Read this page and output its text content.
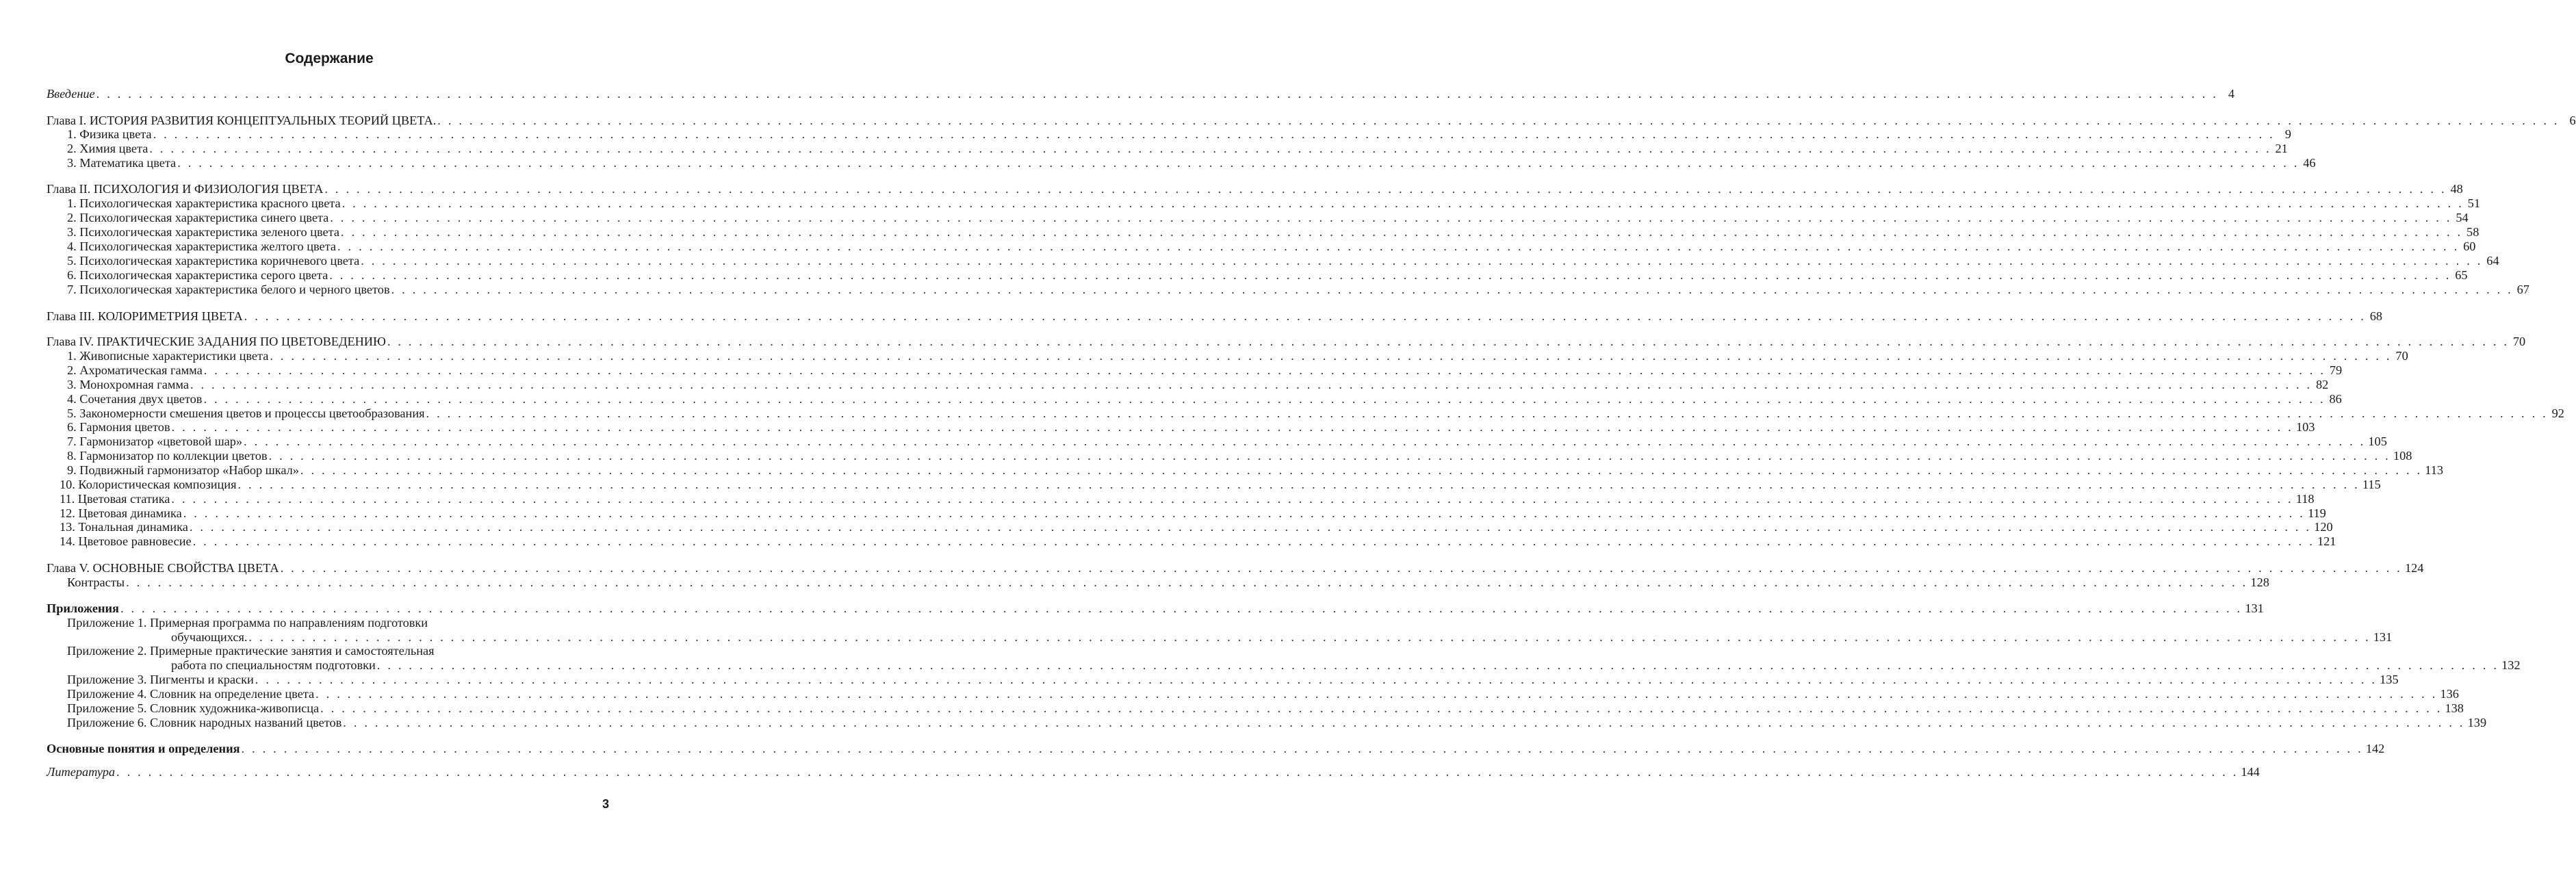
Содержание
Введение . . . . . . . . . . . . . . . . . . . . . . . . . . . . . . . . . . . . . . . . . . . . . . . . . . . . . . . . . . . . . . . . . . . . . . . . . . . . . . . . . . . . . . . . . . . . . . . . . . . . . . . . . . . . . . . . . . . . . . . . . . . . . . . . . . . . . . . . . . . . . . . . . . . . . . . . . . . . . . . . . . . . . . . . . . . . . . . . . . . . . . . . . . . . . . . . . . . . . . . . 4
Глава I. ИСТОРИЯ РАЗВИТИЯ КОНЦЕПТУАЛЬНЫХ ТЕОРИЙ ЦВЕТА. . . . . . . . . . . . . . . . . . . . . . . . . . . . . . . . . . . . . . . . . . . . . . . . . . . . . . . . . . . . . . . . . . . . . . . . . . . . . . . . . . . . . . . . . . . . . . . . . . . . . . . . . . . . . . . . . . . . . . . . . . . . . . . . . . . . . . . . . . . . . . . . . . . . . . . . . . . . . . . . . . . . . . . . . . . . . . . . . . . . . . . . . . . . . . . . . . . . . . . . . 6
1. Физика цвета . . . . . . . . . . . . . . . . . . . . . . . . . . . . . . . . . . . . . . . . . . . . . . . . . . . . . . . . . . . . . . . . . . . . . . . . . . . . . . . . . . . . . . . . . . . . . . . . . . . . . . . . . . . . . . . . . . . . . . . . . . . . . . . . . . . . . . . . . . . . . . . . . . . . . . . . . . . . . . . . . . . . . . . . . . . . . . . . . . . . . . . . . . . . . . . . . . . . . . . . 9
2. Химия цвета . . . . . . . . . . . . . . . . . . . . . . . . . . . . . . . . . . . . . . . . . . . . . . . . . . . . . . . . . . . . . . . . . . . . . . . . . . . . . . . . . . . . . . . . . . . . . . . . . . . . . . . . . . . . . . . . . . . . . . . . . . . . . . . . . . . . . . . . . . . . . . . . . . . . . . . . . . . . . . . . . . . . . . . . . . . . . . . . . . . . . . . . . . . . . . . . . . . . . . . . 21
3. Математика цвета . . . . . . . . . . . . . . . . . . . . . . . . . . . . . . . . . . . . . . . . . . . . . . . . . . . . . . . . . . . . . . . . . . . . . . . . . . . . . . . . . . . . . . . . . . . . . . . . . . . . . . . . . . . . . . . . . . . . . . . . . . . . . . . . . . . . . . . . . . . . . . . . . . . . . . . . . . . . . . . . . . . . . . . . . . . . . . . . . . . . . . . . . . . . . . . . . . . . . . . . 46
Глава II. ПСИХОЛОГИЯ И ФИЗИОЛОГИЯ ЦВЕТА . . . . . . . . . . . . . . . . . . . . . . . . . . . . . . . . . . . . . . . . . . . . . . . . . . . . . . . . . . . . . . . . . . . . . . . . . . . . . . . . . . . . . . . . . . . . . . . . . . . . . . . . . . . . . . . . . . . . . . . . . . . . . . . . . . . . . . . . . . . . . . . . . . . . . . . . . . . . . . . . . . . . . . . . . . . . . . . . . . . . . . . . . . . . . . . . . . . . . . . . 48
1. Психологическая характеристика красного цвета . . . . . . . . . . . . . . . . . . . . . . . . . . . . . . . . . . . . . . . . . . . . . . . . . . . . . . . . . . . . . . . . . . . . . . . . . . . . . . . . . . . . . . . . . . . . . . . . . . . . . . . . . . . . . . . . . . . . . . . . . . . . . . . . . . . . . . . . . . . . . . . . . . . . . . . . . . . . . . . . . . . . . . . . . . . . . . . . . . . . . . . . . . . . . . . . . . . . . . . . 51
2. Психологическая характеристика синего цвета . . . . . . . . . . . . . . . . . . . . . . . . . . . . . . . . . . . . . . . . . . . . . . . . . . . . . . . . . . . . . . . . . . . . . . . . . . . . . . . . . . . . . . . . . . . . . . . . . . . . . . . . . . . . . . . . . . . . . . . . . . . . . . . . . . . . . . . . . . . . . . . . . . . . . . . . . . . . . . . . . . . . . . . . . . . . . . . . . . . . . . . . . . . . . . . . . . . . . . . . 54
3. Психологическая характеристика зеленого цвета . . . . . . . . . . . . . . . . . . . . . . . . . . . . . . . . . . . . . . . . . . . . . . . . . . . . . . . . . . . . . . . . . . . . . . . . . . . . . . . . . . . . . . . . . . . . . . . . . . . . . . . . . . . . . . . . . . . . . . . . . . . . . . . . . . . . . . . . . . . . . . . . . . . . . . . . . . . . . . . . . . . . . . . . . . . . . . . . . . . . . . . . . . . . . . . . . . . . . . . . 58
4. Психологическая характеристика желтого цвета . . . . . . . . . . . . . . . . . . . . . . . . . . . . . . . . . . . . . . . . . . . . . . . . . . . . . . . . . . . . . . . . . . . . . . . . . . . . . . . . . . . . . . . . . . . . . . . . . . . . . . . . . . . . . . . . . . . . . . . . . . . . . . . . . . . . . . . . . . . . . . . . . . . . . . . . . . . . . . . . . . . . . . . . . . . . . . . . . . . . . . . . . . . . . . . . . . . . . . . . 60
5. Психологическая характеристика коричневого цвета . . . . . . . . . . . . . . . . . . . . . . . . . . . . . . . . . . . . . . . . . . . . . . . . . . . . . . . . . . . . . . . . . . . . . . . . . . . . . . . . . . . . . . . . . . . . . . . . . . . . . . . . . . . . . . . . . . . . . . . . . . . . . . . . . . . . . . . . . . . . . . . . . . . . . . . . . . . . . . . . . . . . . . . . . . . . . . . . . . . . . . . . . . . . . . . . . . . . . . . . 64
6. Психологическая характеристика серого цвета . . . . . . . . . . . . . . . . . . . . . . . . . . . . . . . . . . . . . . . . . . . . . . . . . . . . . . . . . . . . . . . . . . . . . . . . . . . . . . . . . . . . . . . . . . . . . . . . . . . . . . . . . . . . . . . . . . . . . . . . . . . . . . . . . . . . . . . . . . . . . . . . . . . . . . . . . . . . . . . . . . . . . . . . . . . . . . . . . . . . . . . . . . . . . . . . . . . . . . . . 65
7. Психологическая характеристика белого и черного цветов . . . . . . . . . . . . . . . . . . . . . . . . . . . . . . . . . . . . . . . . . . . . . . . . . . . . . . . . . . . . . . . . . . . . . . . . . . . . . . . . . . . . . . . . . . . . . . . . . . . . . . . . . . . . . . . . . . . . . . . . . . . . . . . . . . . . . . . . . . . . . . . . . . . . . . . . . . . . . . . . . . . . . . . . . . . . . . . . . . . . . . . . . . . . . . . . . . . . . . . . 67
Глава III. КОЛОРИМЕТРИЯ ЦВЕТА . . . . . . . . . . . . . . . . . . . . . . . . . . . . . . . . . . . . . . . . . . . . . . . . . . . . . . . . . . . . . . . . . . . . . . . . . . . . . . . . . . . . . . . . . . . . . . . . . . . . . . . . . . . . . . . . . . . . . . . . . . . . . . . . . . . . . . . . . . . . . . . . . . . . . . . . . . . . . . . . . . . . . . . . . . . . . . . . . . . . . . . . . . . . . . . . . . . . . . . . 68
Глава IV. ПРАКТИЧЕСКИЕ ЗАДАНИЯ ПО ЦВЕТОВЕДЕНИЮ . . . . . . . . . . . . . . . . . . . . . . . . . . . . . . . . . . . . . . . . . . . . . . . . . . . . . . . . . . . . . . . . . . . . . . . . . . . . . . . . . . . . . . . . . . . . . . . . . . . . . . . . . . . . . . . . . . . . . . . . . . . . . . . . . . . . . . . . . . . . . . . . . . . . . . . . . . . . . . . . . . . . . . . . . . . . . . . . . . . . . . . . . . . . . . . . . . . . . . . . 70
1. Живописные характеристики цвета . . . . . . . . . . . . . . . . . . . . . . . . . . . . . . . . . . . . . . . . . . . . . . . . . . . . . . . . . . . . . . . . . . . . . . . . . . . . . . . . . . . . . . . . . . . . . . . . . . . . . . . . . . . . . . . . . . . . . . . . . . . . . . . . . . . . . . . . . . . . . . . . . . . . . . . . . . . . . . . . . . . . . . . . . . . . . . . . . . . . . . . . . . . . . . . . . . . . . . . . 70
2. Ахроматическая гамма . . . . . . . . . . . . . . . . . . . . . . . . . . . . . . . . . . . . . . . . . . . . . . . . . . . . . . . . . . . . . . . . . . . . . . . . . . . . . . . . . . . . . . . . . . . . . . . . . . . . . . . . . . . . . . . . . . . . . . . . . . . . . . . . . . . . . . . . . . . . . . . . . . . . . . . . . . . . . . . . . . . . . . . . . . . . . . . . . . . . . . . . . . . . . . . . . . . . . . . . 79
3. Монохромная гамма . . . . . . . . . . . . . . . . . . . . . . . . . . . . . . . . . . . . . . . . . . . . . . . . . . . . . . . . . . . . . . . . . . . . . . . . . . . . . . . . . . . . . . . . . . . . . . . . . . . . . . . . . . . . . . . . . . . . . . . . . . . . . . . . . . . . . . . . . . . . . . . . . . . . . . . . . . . . . . . . . . . . . . . . . . . . . . . . . . . . . . . . . . . . . . . . . . . . . . . . 82
4. Сочетания двух цветов . . . . . . . . . . . . . . . . . . . . . . . . . . . . . . . . . . . . . . . . . . . . . . . . . . . . . . . . . . . . . . . . . . . . . . . . . . . . . . . . . . . . . . . . . . . . . . . . . . . . . . . . . . . . . . . . . . . . . . . . . . . . . . . . . . . . . . . . . . . . . . . . . . . . . . . . . . . . . . . . . . . . . . . . . . . . . . . . . . . . . . . . . . . . . . . . . . . . . . . . 86
5. Закономерности смешения цветов и процессы цветообразования . . . . . . . . . . . . . . . . . . . . . . . . . . . . . . . . . . . . . . . . . . . . . . . . . . . . . . . . . . . . . . . . . . . . . . . . . . . . . . . . . . . . . . . . . . . . . . . . . . . . . . . . . . . . . . . . . . . . . . . . . . . . . . . . . . . . . . . . . . . . . . . . . . . . . . . . . . . . . . . . . . . . . . . . . . . . . . . . . . . . . . . . . . . . . . . . . . . . . . . . 92
6. Гармония цветов . . . . . . . . . . . . . . . . . . . . . . . . . . . . . . . . . . . . . . . . . . . . . . . . . . . . . . . . . . . . . . . . . . . . . . . . . . . . . . . . . . . . . . . . . . . . . . . . . . . . . . . . . . . . . . . . . . . . . . . . . . . . . . . . . . . . . . . . . . . . . . . . . . . . . . . . . . . . . . . . . . . . . . . . . . . . . . . . . . . . . . . . . . . . . . . . . . . . . . . . 103
7. Гармонизатор «цветовой шар» . . . . . . . . . . . . . . . . . . . . . . . . . . . . . . . . . . . . . . . . . . . . . . . . . . . . . . . . . . . . . . . . . . . . . . . . . . . . . . . . . . . . . . . . . . . . . . . . . . . . . . . . . . . . . . . . . . . . . . . . . . . . . . . . . . . . . . . . . . . . . . . . . . . . . . . . . . . . . . . . . . . . . . . . . . . . . . . . . . . . . . . . . . . . . . . . . . . . . . . . 105
8. Гармонизатор по коллекции цветов . . . . . . . . . . . . . . . . . . . . . . . . . . . . . . . . . . . . . . . . . . . . . . . . . . . . . . . . . . . . . . . . . . . . . . . . . . . . . . . . . . . . . . . . . . . . . . . . . . . . . . . . . . . . . . . . . . . . . . . . . . . . . . . . . . . . . . . . . . . . . . . . . . . . . . . . . . . . . . . . . . . . . . . . . . . . . . . . . . . . . . . . . . . . . . . . . . . . . . . . 108
9. Подвижный гармонизатор «Набор шкал» . . . . . . . . . . . . . . . . . . . . . . . . . . . . . . . . . . . . . . . . . . . . . . . . . . . . . . . . . . . . . . . . . . . . . . . . . . . . . . . . . . . . . . . . . . . . . . . . . . . . . . . . . . . . . . . . . . . . . . . . . . . . . . . . . . . . . . . . . . . . . . . . . . . . . . . . . . . . . . . . . . . . . . . . . . . . . . . . . . . . . . . . . . . . . . . . . . . . . . . . 113
10. Колористическая композиция . . . . . . . . . . . . . . . . . . . . . . . . . . . . . . . . . . . . . . . . . . . . . . . . . . . . . . . . . . . . . . . . . . . . . . . . . . . . . . . . . . . . . . . . . . . . . . . . . . . . . . . . . . . . . . . . . . . . . . . . . . . . . . . . . . . . . . . . . . . . . . . . . . . . . . . . . . . . . . . . . . . . . . . . . . . . . . . . . . . . . . . . . . . . . . . . . . . . . . . . 115
11. Цветовая статика . . . . . . . . . . . . . . . . . . . . . . . . . . . . . . . . . . . . . . . . . . . . . . . . . . . . . . . . . . . . . . . . . . . . . . . . . . . . . . . . . . . . . . . . . . . . . . . . . . . . . . . . . . . . . . . . . . . . . . . . . . . . . . . . . . . . . . . . . . . . . . . . . . . . . . . . . . . . . . . . . . . . . . . . . . . . . . . . . . . . . . . . . . . . . . . . . . . . . . . . 118
12. Цветовая динамика . . . . . . . . . . . . . . . . . . . . . . . . . . . . . . . . . . . . . . . . . . . . . . . . . . . . . . . . . . . . . . . . . . . . . . . . . . . . . . . . . . . . . . . . . . . . . . . . . . . . . . . . . . . . . . . . . . . . . . . . . . . . . . . . . . . . . . . . . . . . . . . . . . . . . . . . . . . . . . . . . . . . . . . . . . . . . . . . . . . . . . . . . . . . . . . . . . . . . . . . 119
13. Тональная динамика . . . . . . . . . . . . . . . . . . . . . . . . . . . . . . . . . . . . . . . . . . . . . . . . . . . . . . . . . . . . . . . . . . . . . . . . . . . . . . . . . . . . . . . . . . . . . . . . . . . . . . . . . . . . . . . . . . . . . . . . . . . . . . . . . . . . . . . . . . . . . . . . . . . . . . . . . . . . . . . . . . . . . . . . . . . . . . . . . . . . . . . . . . . . . . . . . . . . . . . . 120
14. Цветовое равновесие . . . . . . . . . . . . . . . . . . . . . . . . . . . . . . . . . . . . . . . . . . . . . . . . . . . . . . . . . . . . . . . . . . . . . . . . . . . . . . . . . . . . . . . . . . . . . . . . . . . . . . . . . . . . . . . . . . . . . . . . . . . . . . . . . . . . . . . . . . . . . . . . . . . . . . . . . . . . . . . . . . . . . . . . . . . . . . . . . . . . . . . . . . . . . . . . . . . . . . . . 121
Глава V. ОСНОВНЫЕ СВОЙСТВА ЦВЕТА . . . . . . . . . . . . . . . . . . . . . . . . . . . . . . . . . . . . . . . . . . . . . . . . . . . . . . . . . . . . . . . . . . . . . . . . . . . . . . . . . . . . . . . . . . . . . . . . . . . . . . . . . . . . . . . . . . . . . . . . . . . . . . . . . . . . . . . . . . . . . . . . . . . . . . . . . . . . . . . . . . . . . . . . . . . . . . . . . . . . . . . . . . . . . . . . . . . . . . . . 124
Контрасты . . . . . . . . . . . . . . . . . . . . . . . . . . . . . . . . . . . . . . . . . . . . . . . . . . . . . . . . . . . . . . . . . . . . . . . . . . . . . . . . . . . . . . . . . . . . . . . . . . . . . . . . . . . . . . . . . . . . . . . . . . . . . . . . . . . . . . . . . . . . . . . . . . . . . . . . . . . . . . . . . . . . . . . . . . . . . . . . . . . . . . . . . . . . . . . . . . . . . . . . 128
Приложения . . . . . . . . . . . . . . . . . . . . . . . . . . . . . . . . . . . . . . . . . . . . . . . . . . . . . . . . . . . . . . . . . . . . . . . . . . . . . . . . . . . . . . . . . . . . . . . . . . . . . . . . . . . . . . . . . . . . . . . . . . . . . . . . . . . . . . . . . . . . . . . . . . . . . . . . . . . . . . . . . . . . . . . . . . . . . . . . . . . . . . . . . . . . . . . . . . . . . . . . 131
Приложение 1. Примерная программа по направлениям подготовки
обучающихся. . . . . . . . . . . . . . . . . . . . . . . . . . . . . . . . . . . . . . . . . . . . . . . . . . . . . . . . . . . . . . . . . . . . . . . . . . . . . . . . . . . . . . . . . . . . . . . . . . . . . . . . . . . . . . . . . . . . . . . . . . . . . . . . . . . . . . . . . . . . . . . . . . . . . . . . . . . . . . . . . . . . . . . . . . . . . . . . . . . . . . . . . . . . . . . . . . . . . . . . . 131
Приложение 2. Примерные практические занятия и самостоятельная
работа по специальностям подготовки . . . . . . . . . . . . . . . . . . . . . . . . . . . . . . . . . . . . . . . . . . . . . . . . . . . . . . . . . . . . . . . . . . . . . . . . . . . . . . . . . . . . . . . . . . . . . . . . . . . . . . . . . . . . . . . . . . . . . . . . . . . . . . . . . . . . . . . . . . . . . . . . . . . . . . . . . . . . . . . . . . . . . . . . . . . . . . . . . . . . . . . . . . . . . . . . . . . . . . . . 132
Приложение 3. Пигменты и краски . . . . . . . . . . . . . . . . . . . . . . . . . . . . . . . . . . . . . . . . . . . . . . . . . . . . . . . . . . . . . . . . . . . . . . . . . . . . . . . . . . . . . . . . . . . . . . . . . . . . . . . . . . . . . . . . . . . . . . . . . . . . . . . . . . . . . . . . . . . . . . . . . . . . . . . . . . . . . . . . . . . . . . . . . . . . . . . . . . . . . . . . . . . . . . . . . . . . . . . . 135
Приложение 4. Словник на определение цвета . . . . . . . . . . . . . . . . . . . . . . . . . . . . . . . . . . . . . . . . . . . . . . . . . . . . . . . . . . . . . . . . . . . . . . . . . . . . . . . . . . . . . . . . . . . . . . . . . . . . . . . . . . . . . . . . . . . . . . . . . . . . . . . . . . . . . . . . . . . . . . . . . . . . . . . . . . . . . . . . . . . . . . . . . . . . . . . . . . . . . . . . . . . . . . . . . . . . . . . . 136
Приложение 5. Словник художника-живописца . . . . . . . . . . . . . . . . . . . . . . . . . . . . . . . . . . . . . . . . . . . . . . . . . . . . . . . . . . . . . . . . . . . . . . . . . . . . . . . . . . . . . . . . . . . . . . . . . . . . . . . . . . . . . . . . . . . . . . . . . . . . . . . . . . . . . . . . . . . . . . . . . . . . . . . . . . . . . . . . . . . . . . . . . . . . . . . . . . . . . . . . . . . . . . . . . . . . . . . . 138
Приложение 6. Словник народных названий цветов . . . . . . . . . . . . . . . . . . . . . . . . . . . . . . . . . . . . . . . . . . . . . . . . . . . . . . . . . . . . . . . . . . . . . . . . . . . . . . . . . . . . . . . . . . . . . . . . . . . . . . . . . . . . . . . . . . . . . . . . . . . . . . . . . . . . . . . . . . . . . . . . . . . . . . . . . . . . . . . . . . . . . . . . . . . . . . . . . . . . . . . . . . . . . . . . . . . . . . . . 139
Основные понятия и определения . . . . . . . . . . . . . . . . . . . . . . . . . . . . . . . . . . . . . . . . . . . . . . . . . . . . . . . . . . . . . . . . . . . . . . . . . . . . . . . . . . . . . . . . . . . . . . . . . . . . . . . . . . . . . . . . . . . . . . . . . . . . . . . . . . . . . . . . . . . . . . . . . . . . . . . . . . . . . . . . . . . . . . . . . . . . . . . . . . . . . . . . . . . . . . . . . . . . . . . . 142
Литература . . . . . . . . . . . . . . . . . . . . . . . . . . . . . . . . . . . . . . . . . . . . . . . . . . . . . . . . . . . . . . . . . . . . . . . . . . . . . . . . . . . . . . . . . . . . . . . . . . . . . . . . . . . . . . . . . . . . . . . . . . . . . . . . . . . . . . . . . . . . . . . . . . . . . . . . . . . . . . . . . . . . . . . . . . . . . . . . . . . . . . . . . . . . . . . . . . . . . . . . 144
3
